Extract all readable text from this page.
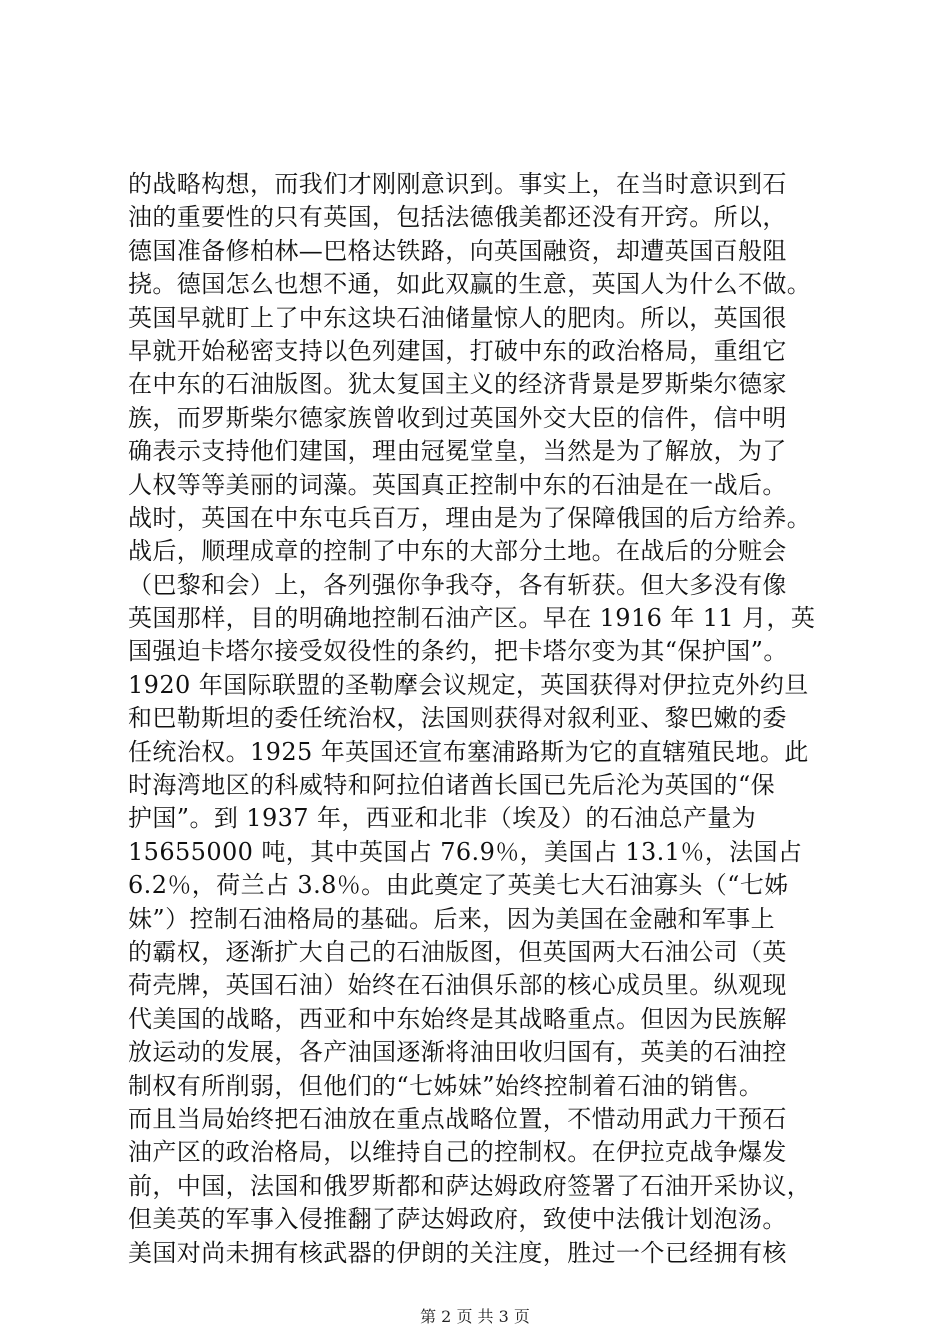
的战略构想，而我们才刚刚意识到。事实上，在当时意识到石
油的重要性的只有英国，包括法德俄美都还没有开窍。所以，
德国准备修柏林—巴格达铁路，向英国融资，却遭英国百般阻
挠。德国怎么也想不通，如此双赢的生意，英国人为什么不做。
英国早就盯上了中东这块石油储量惊人的肥肉。所以，英国很
早就开始秘密支持以色列建国，打破中东的政治格局，重组它
在中东的石油版图。犹太复国主义的经济背景是罗斯柴尔德家
族，而罗斯柴尔德家族曾收到过英国外交大臣的信件，信中明
确表示支持他们建国，理由冠冕堂皇，当然是为了解放，为了
人权等等美丽的词藻。英国真正控制中东的石油是在一战后。
战时，英国在中东屯兵百万，理由是为了保障俄国的后方给养。
战后，顺理成章的控制了中东的大部分土地。在战后的分赃会
（巴黎和会）上，各列强你争我夺，各有斩获。但大多没有像
英国那样，目的明确地控制石油产区。早在 1916 年 11 月，英
国强迫卡塔尔接受奴役性的条约，把卡塔尔变为其“保护国”。
1920 年国际联盟的圣勒摩会议规定，英国获得对伊拉克外约旦
和巴勒斯坦的委任统治权，法国则获得对叙利亚、黎巴嫩的委
任统治权。1925 年英国还宣布塞浦路斯为它的直辖殖民地。此
时海湾地区的科威特和阿拉伯诸酋长国已先后沦为英国的“保
护国”。到 1937 年，西亚和北非（埃及）的石油总产量为
15655000 吨，其中英国占 76.9％，美国占 13.1％，法国占
6.2％，荷兰占 3.8％。由此奠定了英美七大石油寡头（“七姊
妹”）控制石油格局的基础。后来，因为美国在金融和军事上
的霸权，逐渐扩大自己的石油版图，但英国两大石油公司（英
荷壳牌，英国石油）始终在石油俱乐部的核心成员里。纵观现
代美国的战略，西亚和中东始终是其战略重点。但因为民族解
放运动的发展，各产油国逐渐将油田收归国有，英美的石油控
制权有所削弱，但他们的“七姊妹”始终控制着石油的销售。
而且当局始终把石油放在重点战略位置，不惜动用武力干预石
油产区的政治格局，以维持自己的控制权。在伊拉克战争爆发
前，中国，法国和俄罗斯都和萨达姆政府签署了石油开采协议，
但美英的军事入侵推翻了萨达姆政府，致使中法俄计划泡汤。
美国对尚未拥有核武器的伊朗的关注度，胜过一个已经拥有核
第 2 页 共 3 页
